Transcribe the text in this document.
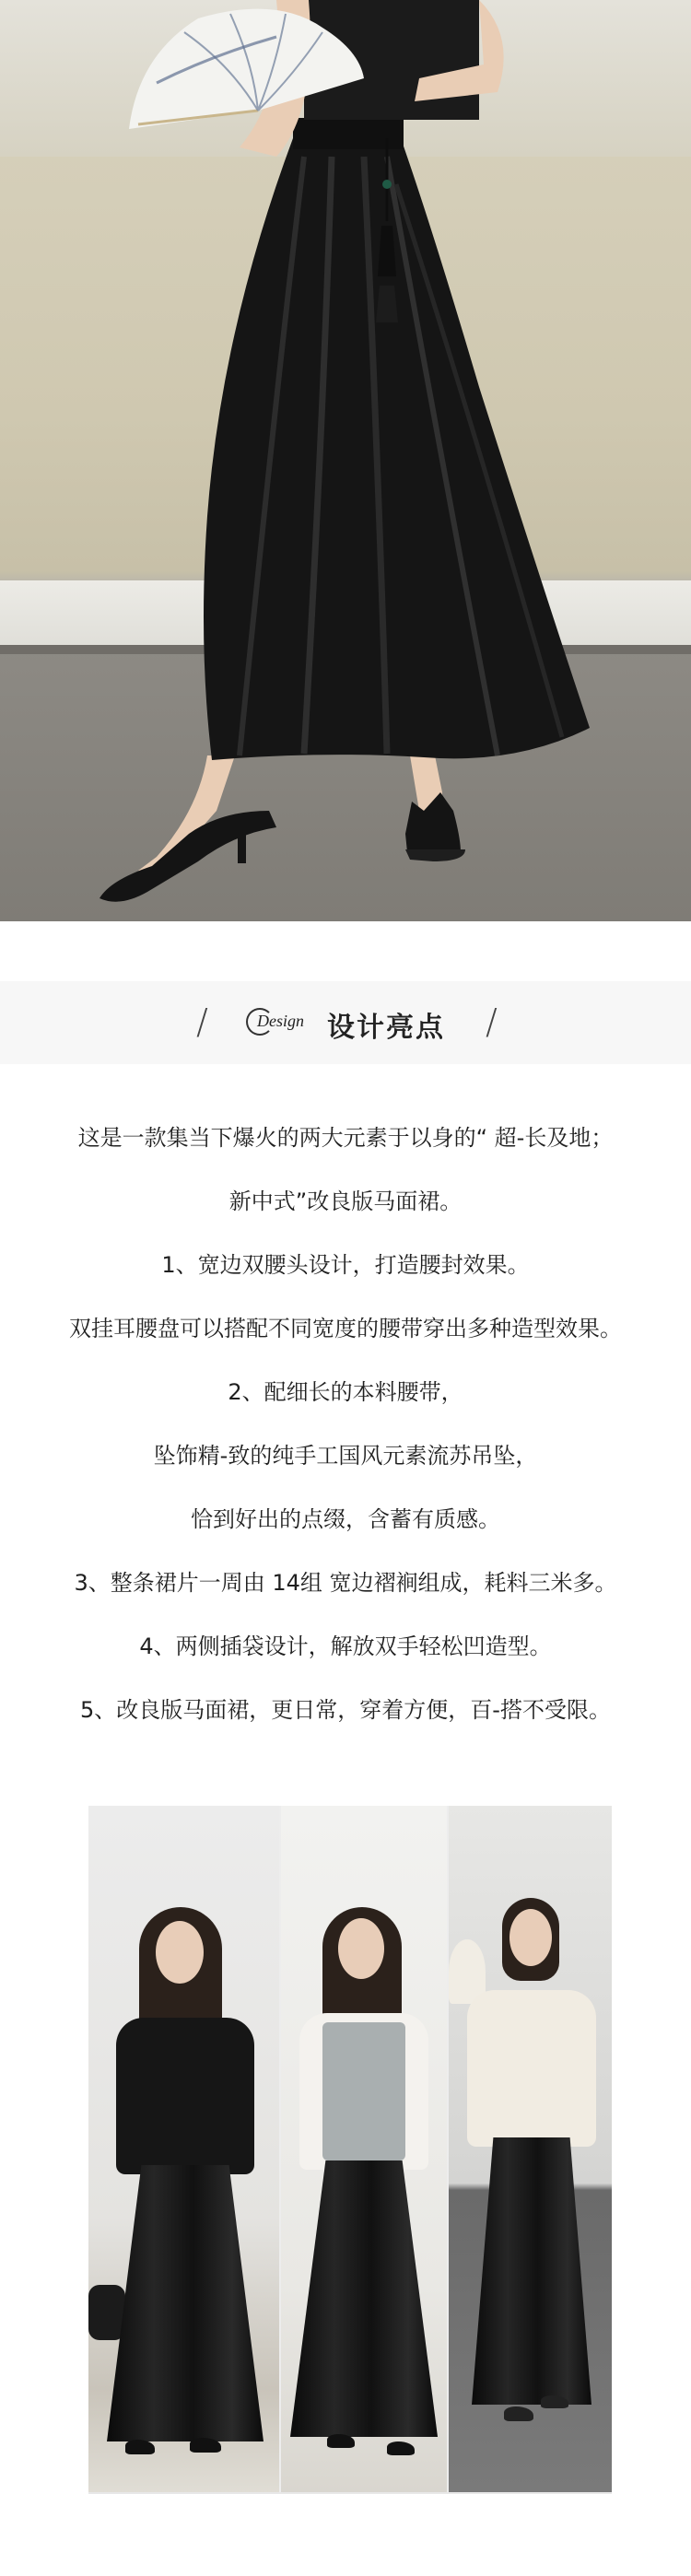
/	Design 设计亮点 /
这是一款集当下爆火的两大元素于以身的“ 超-长及地；
新中式”改良版马面裙。
1、宽边双腰头设计，打造腰封效果。
双挂耳腰盘可以搭配不同宽度的腰带穿出多种造型效果。
2、配细长的本料腰带，
坠饰精-致的纯手工国风元素流苏吊坠，
恰到好出的点缀，含蓄有质感。
3、整条裙片一周由 14组 宽边褶裥组成，耗料三米多。
4、两侧插袋设计，解放双手轻松凹造型。
5、改良版马面裙，更日常，穿着方便，百-搭不受限。
